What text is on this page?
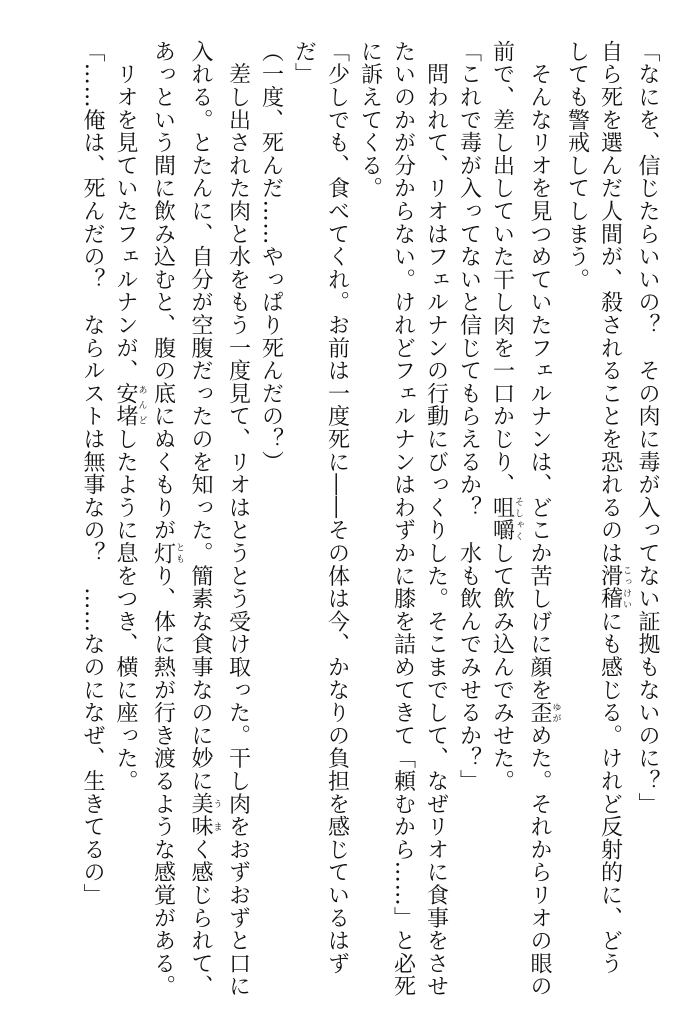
「なにを、信じたらいいの？　その肉に毒が入ってない証拠もないのに？」
自ら死を選んだ人間が、殺されることを恐れるのは滑稽こっけいにも感じる。けれど反射的に、どう
しても警戒してしまう。
　そんなリオを見つめていたフェルナンは、どこか苦しげに顔を歪ゆがめた。それからリオの眼の
前で、差し出していた干し肉を一口かじり、咀嚼そしゃくして飲み込んでみせた。
「これで毒が入ってないと信じてもらえるか？　水も飲んでみせるか？」
　問われて、リオはフェルナンの行動にびっくりした。そこまでして、なぜリオに食事をさせ
たいのかが分からない。けれどフェルナンはわずかに膝を詰めてきて「頼むから……」と必死
に訴えてくる。
「少しでも、食べてくれ。お前は一度死に――その体は今、かなりの負担を感じているはず
だ」
（一度、死んだ……やっぱり死んだの？）
　差し出された肉と水をもう一度見て、リオはとうとう受け取った。干し肉をおずおずと口に
入れる。とたんに、自分が空腹だったのを知った。簡素な食事なのに妙に美味うまく感じられて、
あっという間に飲み込むと、腹の底にぬくもりが灯ともり、体に熱が行き渡るような感覚がある。
　リオを見ていたフェルナンが、安堵あんどしたように息をつき、横に座った。
「……俺は、死んだの？　ならルストは無事なの？　……なのになぜ、生きてるの」
